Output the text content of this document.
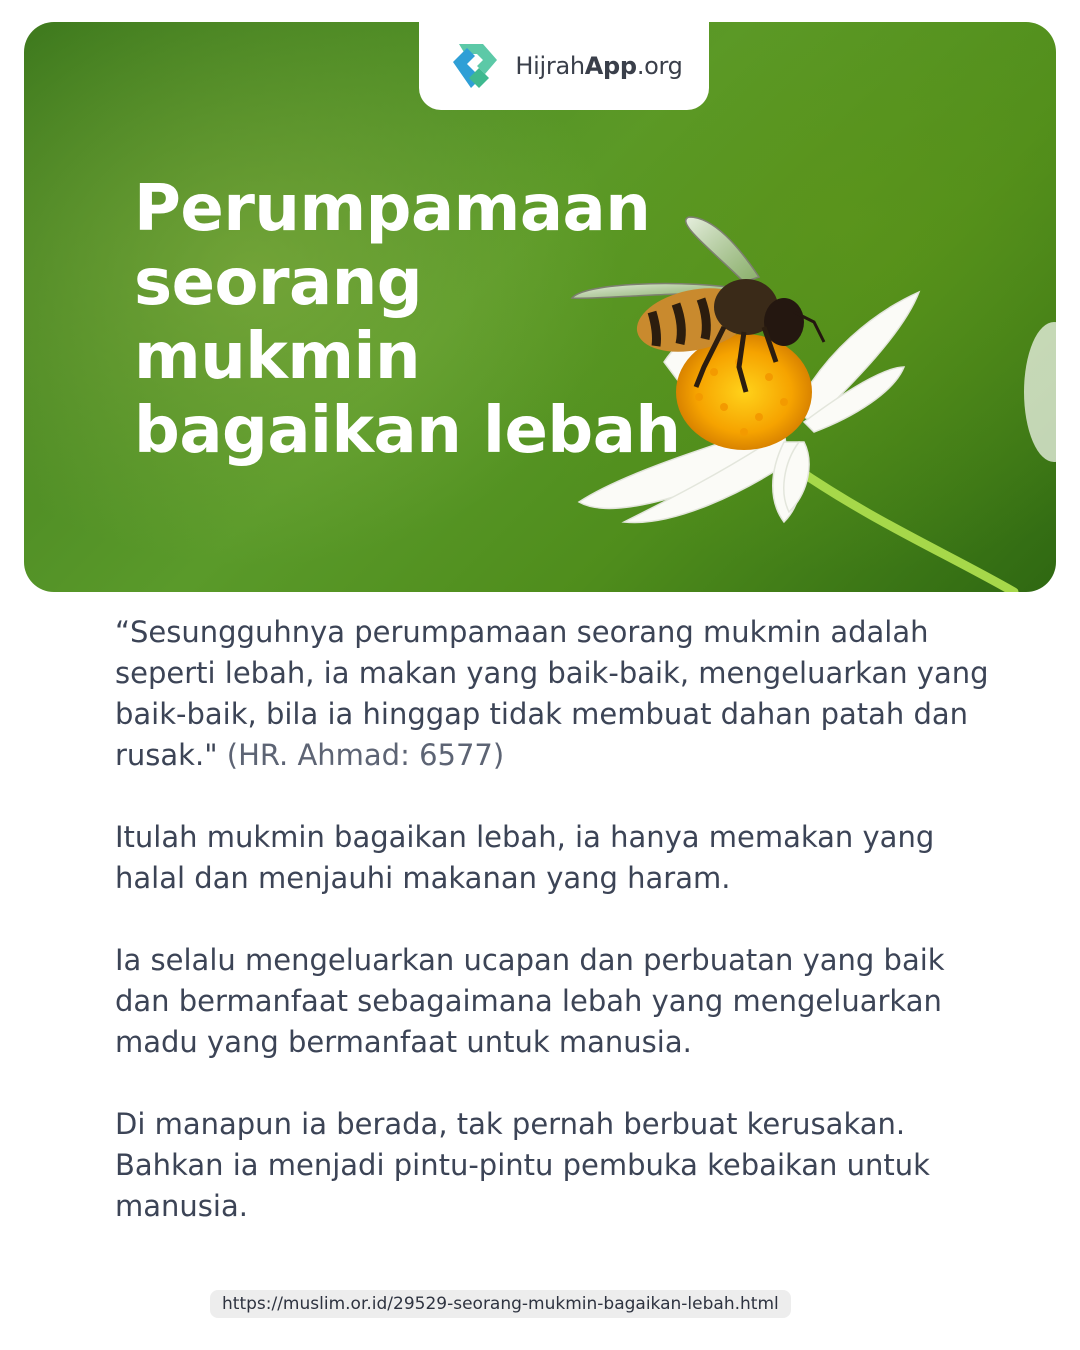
HijrahApp.org
Perumpamaan seorang mukmin bagaikan lebah

“Sesungguhnya perumpamaan seorang mukmin adalah seperti lebah, ia makan yang baik-baik, mengeluarkan yang baik-baik, bila ia hinggap tidak membuat dahan patah dan rusak." (HR. Ahmad: 6577)

Itulah mukmin bagaikan lebah, ia hanya memakan yang halal dan menjauhi makanan yang haram.

Ia selalu mengeluarkan ucapan dan perbuatan yang baik dan bermanfaat sebagaimana lebah yang mengeluarkan madu yang bermanfaat untuk manusia.

Di manapun ia berada, tak pernah berbuat kerusakan. Bahkan ia menjadi pintu-pintu pembuka kebaikan untuk manusia.

https://muslim.or.id/29529-seorang-mukmin-bagaikan-lebah.html
